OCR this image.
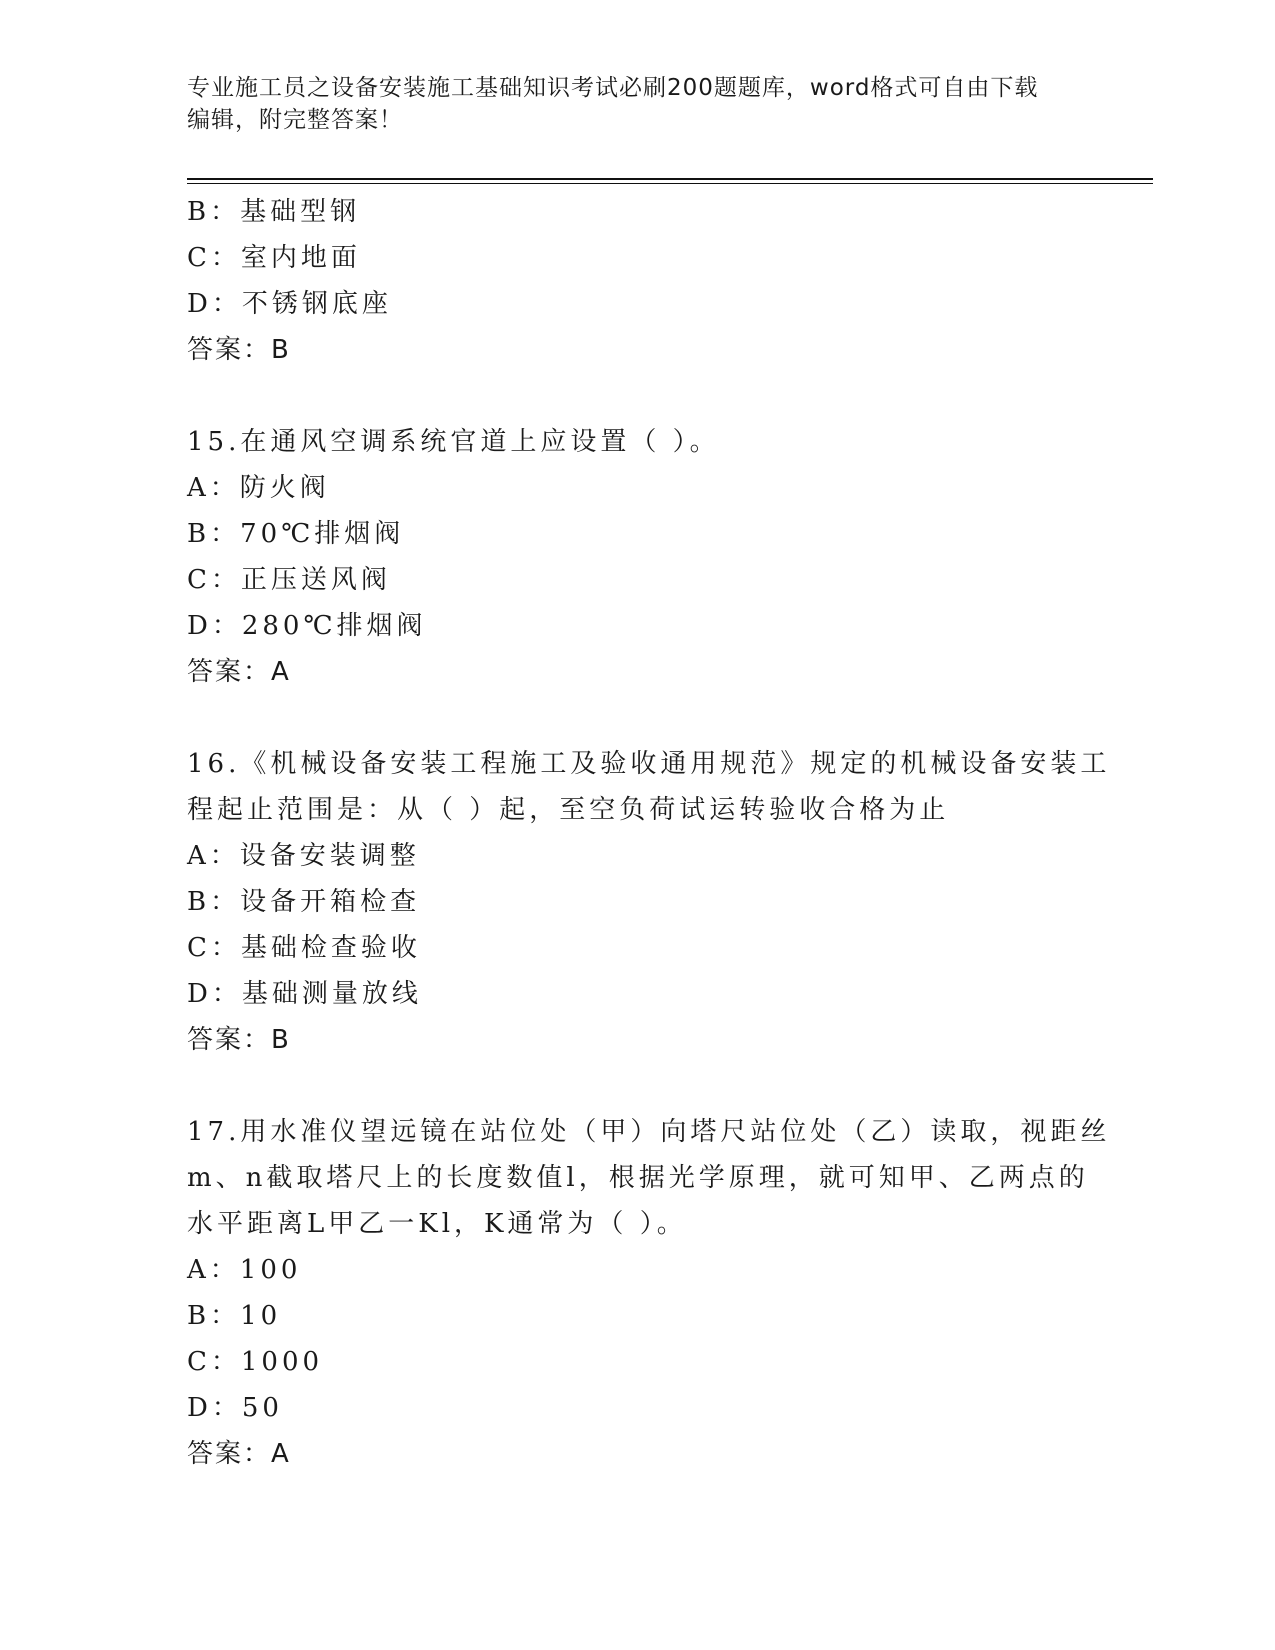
专业施工员之设备安装施工基础知识考试必刷200题题库，word格式可自由下载
编辑，附完整答案！
B：基础型钢
C：室内地面
D：不锈钢底座
答案：B
15.在通风空调系统官道上应设置（ ）。
A：防火阀
B：70℃排烟阀
C：正压送风阀
D：280℃排烟阀
答案：A
16.《机械设备安装工程施工及验收通用规范》规定的机械设备安装工
程起止范围是：从（ ）起，至空负荷试运转验收合格为止
A：设备安装调整
B：设备开箱检查
C：基础检查验收
D：基础测量放线
答案：B
17.用水准仪望远镜在站位处（甲）向塔尺站位处（乙）读取，视距丝
m、n截取塔尺上的长度数值l，根据光学原理，就可知甲、乙两点的
水平距离L甲乙一Kl，K通常为（ ）。
A：100
B：10
C：1000
D：50
答案：A
